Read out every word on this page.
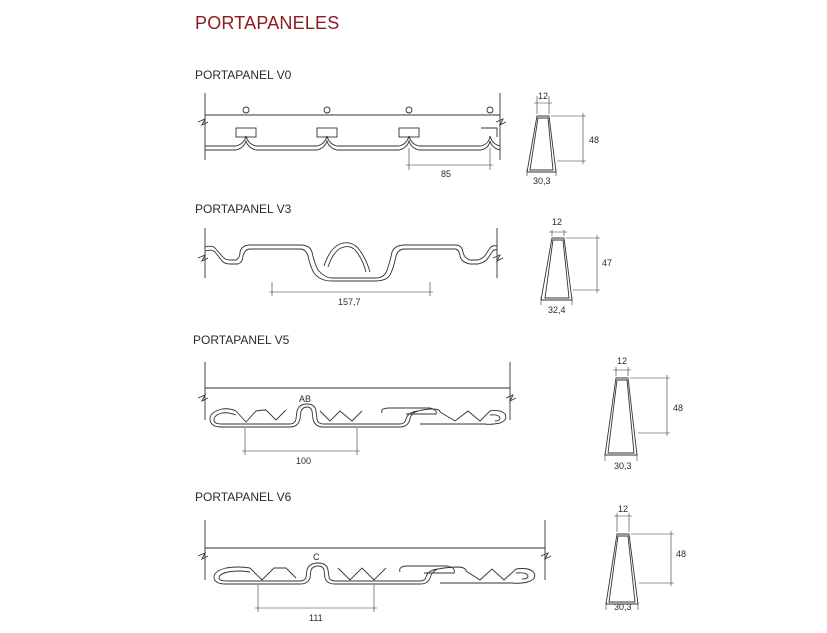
PORTAPANELES
PORTAPANEL V0
PORTAPANEL V3
PORTAPANEL V5
PORTAPANEL V6
85
12
48
30,3
157,7
12
47
32,4
AB
100
12
48
30,3
C
111
12
48
30,3
